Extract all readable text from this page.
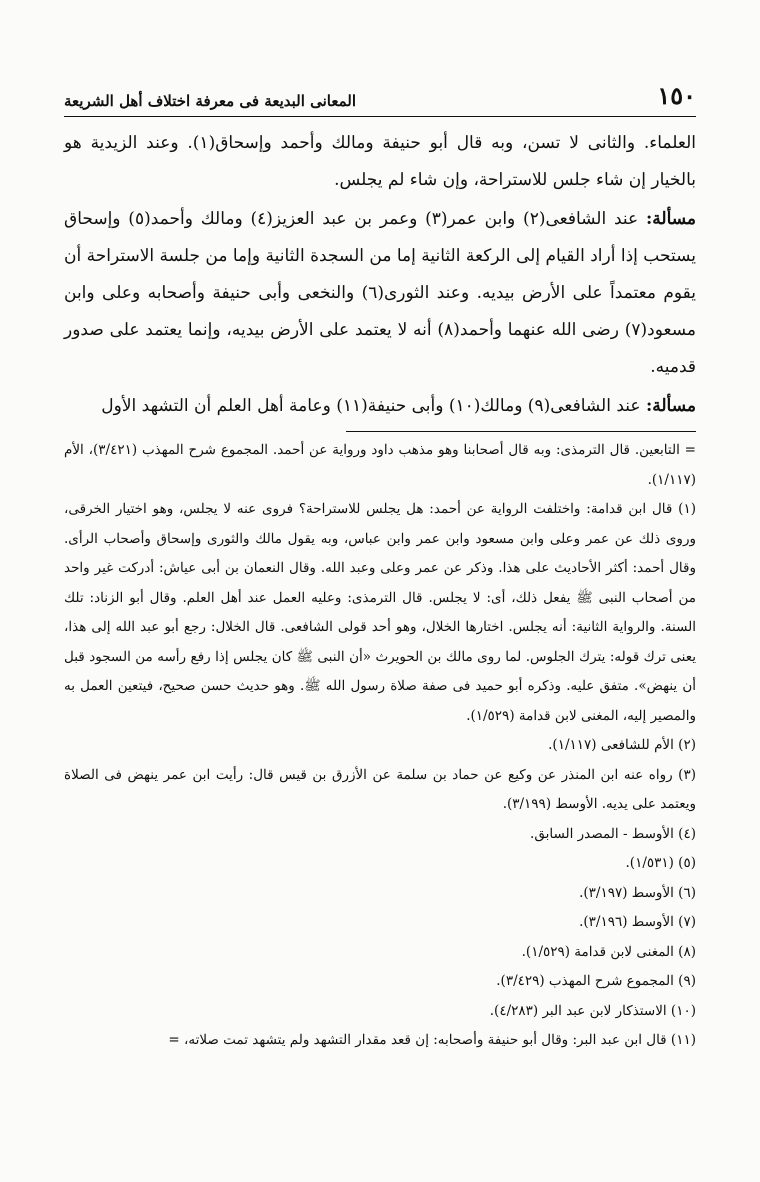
١٥٠
المعانى البديعة فى معرفة اختلاف أهل الشريعة

العلماء. والثانى لا تسن، وبه قال أبو حنيفة ومالك وأحمد وإسحاق(١). وعند الزيدية هو بالخيار إن شاء جلس للاستراحة، وإن شاء لم يجلس.

مسألة: عند الشافعى(٢) وابن عمر(٣) وعمر بن عبد العزيز(٤) ومالك وأحمد(٥) وإسحاق يستحب إذا أراد القيام إلى الركعة الثانية إما من السجدة الثانية وإما من جلسة الاستراحة أن يقوم معتمداً على الأرض بيديه. وعند الثورى(٦) والنخعى وأبى حنيفة وأصحابه وعلى وابن مسعود(٧) رضى الله عنهما وأحمد(٨) أنه لا يعتمد على الأرض بيديه، وإنما يعتمد على صدور قدميه.

مسألة: عند الشافعى(٩) ومالك(١٠) وأبى حنيفة(١١) وعامة أهل العلم أن التشهد الأول

= التابعين. قال الترمذى: وبه قال أصحابنا وهو مذهب داود ورواية عن أحمد. المجموع شرح المهذب (٣/٤٢١)، الأم (١/١١٧).

(١) قال ابن قدامة: واختلفت الرواية عن أحمد: هل يجلس للاستراحة؟ فروى عنه لا يجلس، وهو اختيار الخرقى، وروى ذلك عن عمر وعلى وابن مسعود وابن عمر وابن عباس، وبه يقول مالك والثورى وإسحاق وأصحاب الرأى. وقال أحمد: أكثر الأحاديث على هذا. وذكر عن عمر وعلى وعبد الله. وقال النعمان بن أبى عياش: أدركت غير واحد من أصحاب النبى ﷺ يفعل ذلك، أى: لا يجلس. قال الترمذى: وعليه العمل عند أهل العلم. وقال أبو الزناد: تلك السنة. والرواية الثانية: أنه يجلس. اختارها الخلال، وهو أحد قولى الشافعى. قال الخلال: رجع أبو عبد الله إلى هذا، يعنى ترك قوله: يترك الجلوس. لما روى مالك بن الحويرث «أن النبى ﷺ كان يجلس إذا رفع رأسه من السجود قبل أن ينهض». متفق عليه. وذكره أبو حميد فى صفة صلاة رسول الله ﷺ. وهو حديث حسن صحيح، فيتعين العمل به والمصير إليه، المغنى لابن قدامة (١/٥٢٩).

(٢) الأم للشافعى (١/١١٧).

(٣) رواه عنه ابن المنذر عن وكيع عن حماد بن سلمة عن الأزرق بن قيس قال: رأيت ابن عمر ينهض فى الصلاة ويعتمد على يديه. الأوسط (٣/١٩٩).

(٤) الأوسط - المصدر السابق.

(٥) (١/٥٣١).

(٦) الأوسط (٣/١٩٧).

(٧) الأوسط (٣/١٩٦).

(٨) المغنى لابن قدامة (١/٥٢٩).

(٩) المجموع شرح المهذب (٣/٤٢٩).

(١٠) الاستذكار لابن عبد البر (٤/٢٨٣).

(١١) قال ابن عبد البر: وقال أبو حنيفة وأصحابه: إن قعد مقدار التشهد ولم يتشهد تمت صلاته، =
